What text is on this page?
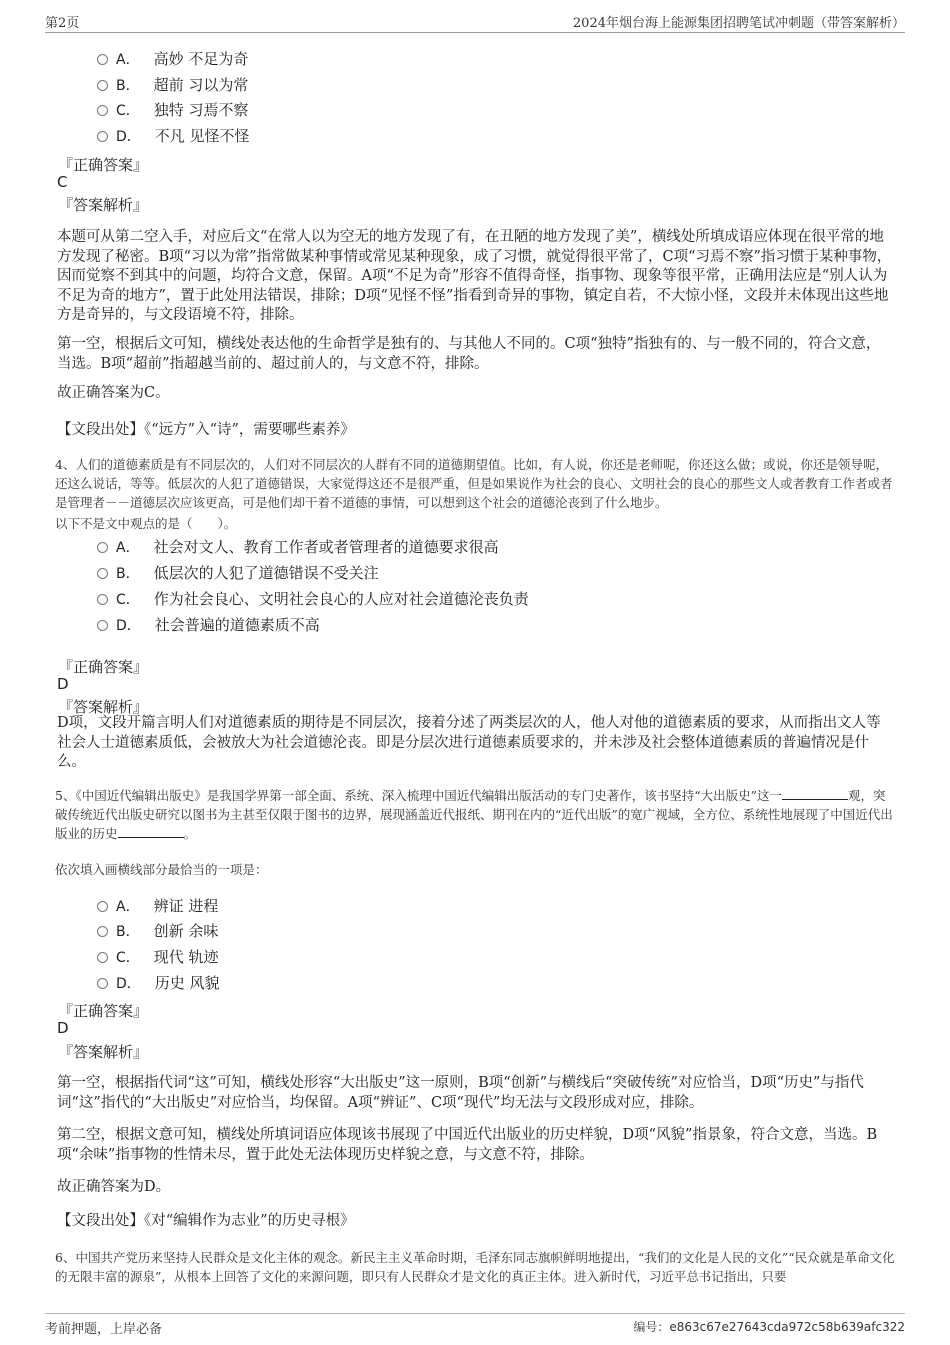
第2页	2024年烟台海上能源集团招聘笔试冲刺题（带答案解析）
A． 高妙 不足为奇
B． 超前 习以为常
C． 独特 习焉不察
D． 不凡 见怪不怪
『正确答案』
C
『答案解析』
本题可从第二空入手，对应后文“在常人以为空无的地方发现了有，在丑陋的地方发现了美”，横线处所填成语应体现在很平常的地方发现了秘密。B项“习以为常”指常做某种事情或常见某种现象，成了习惯，就觉得很平常了，C项“习焉不察”指习惯于某种事物，因而觉察不到其中的问题，均符合文意，保留。A项“不足为奇”形容不值得奇怪，指事物、现象等很平常，正确用法应是“别人认为不足为奇的地方”，置于此处用法错误，排除；D项“见怪不怪”指看到奇异的事物，镇定自若，不大惊小怪，文段并未体现出这些地方是奇异的，与文段语境不符，排除。
第一空，根据后文可知，横线处表达他的生命哲学是独有的、与其他人不同的。C项“独特”指独有的、与一般不同的，符合文意，当选。B项“超前”指超越当前的、超过前人的，与文意不符，排除。
故正确答案为C。
【文段出处】《“远方”入“诗”，需要哪些素养》
4、人们的道德素质是有不同层次的，人们对不同层次的人群有不同的道德期望值。比如，有人说，你还是老师呢，你还这么做；或说，你还是领导呢，还这么说话，等等。低层次的人犯了道德错误，大家觉得这还不是很严重，但是如果说作为社会的良心、文明社会的良心的那些文人或者教育工作者或者是管理者－－道德层次应该更高，可是他们却干着不道德的事情，可以想到这个社会的道德沦丧到了什么地步。
以下不是文中观点的是（　　）。
A． 社会对文人、教育工作者或者管理者的道德要求很高
B． 低层次的人犯了道德错误不受关注
C． 作为社会良心、文明社会良心的人应对社会道德沦丧负责
D． 社会普遍的道德素质不高
『正确答案』
D
『答案解析』
D项，文段开篇言明人们对道德素质的期待是不同层次，接着分述了两类层次的人，他人对他的道德素质的要求，从而指出文人等社会人士道德素质低，会被放大为社会道德沦丧。即是分层次进行道德素质要求的，并未涉及社会整体道德素质的普遍情况是什么。
5、《中国近代编辑出版史》是我国学界第一部全面、系统、深入梳理中国近代编辑出版活动的专门史著作，该书坚持“大出版史”这一	观，突破传统近代出版史研究以图书为主甚至仅限于图书的边界，展现涵盖近代报纸、期刊在内的“近代出版”的宽广视域，全方位、系统性地展现了中国近代出版业的历史	。
依次填入画横线部分最恰当的一项是：
A． 辨证 进程
B． 创新 余味
C． 现代 轨迹
D． 历史 风貌
『正确答案』
D
『答案解析』
第一空，根据指代词“这”可知，横线处形容“大出版史”这一原则，B项“创新”与横线后“突破传统”对应恰当，D项“历史”与指代词“这”指代的“大出版史”对应恰当，均保留。A项“辨证”、C项“现代”均无法与文段形成对应，排除。
第二空，根据文意可知，横线处所填词语应体现该书展现了中国近代出版业的历史样貌，D项“风貌”指景象，符合文意，当选。B项“余味”指事物的性情未尽，置于此处无法体现历史样貌之意，与文意不符，排除。
故正确答案为D。
【文段出处】《对“编辑作为志业”的历史寻根》
6、中国共产党历来坚持人民群众是文化主体的观念。新民主主义革命时期，毛泽东同志旗帜鲜明地提出，“我们的文化是人民的文化”“民众就是革命文化的无限丰富的源泉”，从根本上回答了文化的来源问题，即只有人民群众才是文化的真正主体。进入新时代，习近平总书记指出，只要
考前押题，上岸必备	编号：e863c67e27643cda972c58b639afc322
